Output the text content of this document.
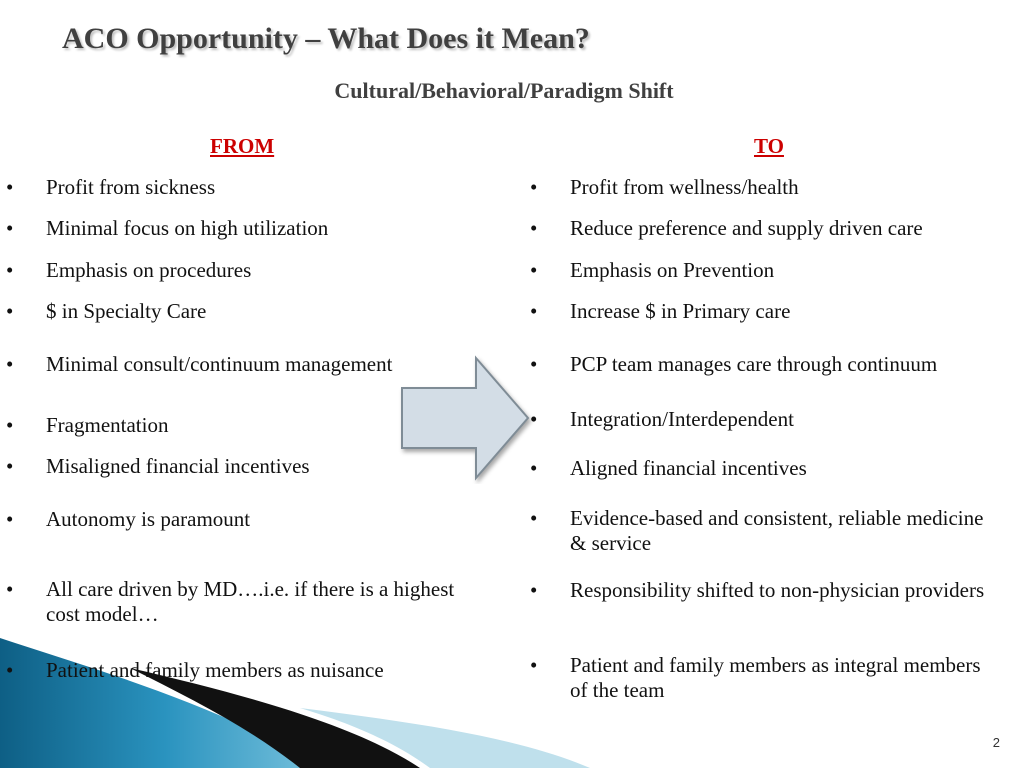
ACO Opportunity – What Does it Mean?
Cultural/Behavioral/Paradigm Shift
FROM	TO
• Profit from sickness
• Minimal focus on high utilization
• Emphasis on procedures
• $ in Specialty Care
• Minimal consult/continuum management
• Fragmentation
• Misaligned financial incentives
• Autonomy is paramount
• All care driven by MD….i.e. if there is a highest cost model…
• Patient and family members as nuisance
• Profit from wellness/health
• Reduce preference and supply driven care
• Emphasis on Prevention
• Increase $ in Primary care
• PCP team manages care through continuum
• Integration/Interdependent
• Aligned financial incentives
• Evidence-based and consistent, reliable medicine & service
• Responsibility shifted to non-physician providers
• Patient and family members as integral members of the team
2
